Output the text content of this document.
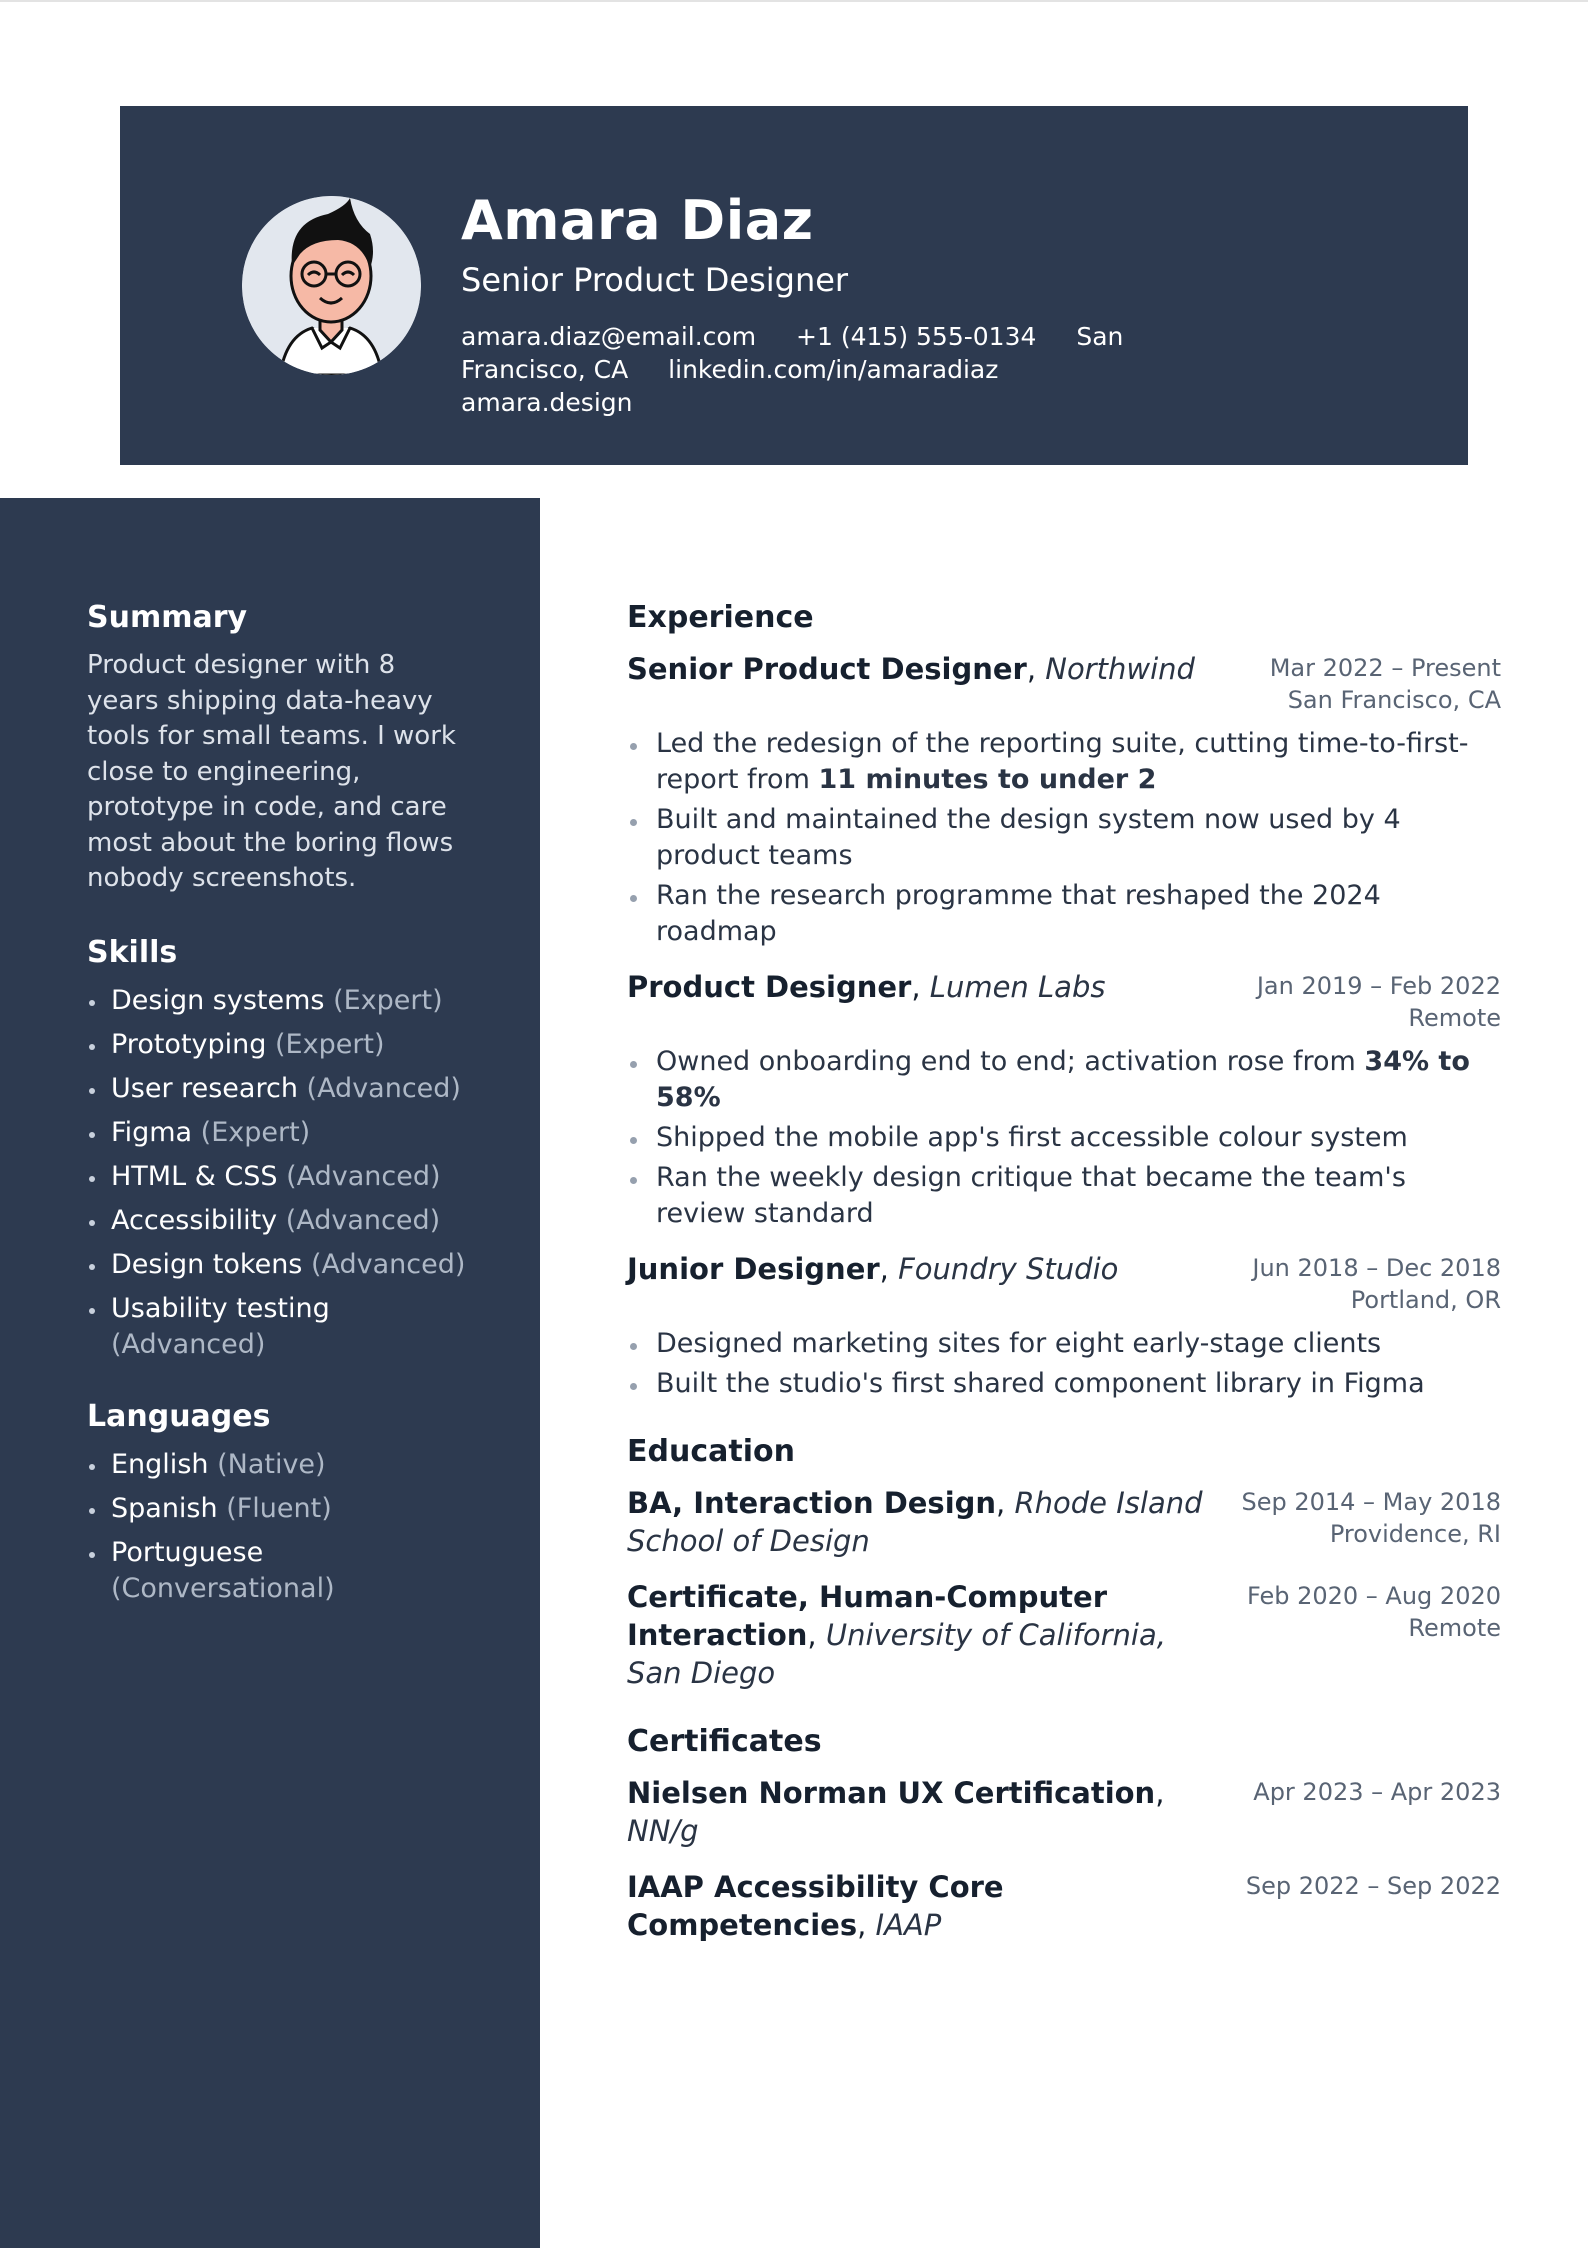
Amara Diaz
Senior Product Designer
amara.diaz@email.com +1 (415) 555-0134 San Francisco, CA linkedin.com/in/amaradiaz amara.design
Summary
Product designer with 8 years shipping data-heavy tools for small teams. I work close to engineering, prototype in code, and care most about the boring flows nobody screenshots.
Skills
Design systems (Expert)
Prototyping (Expert)
User research (Advanced)
Figma (Expert)
HTML & CSS (Advanced)
Accessibility (Advanced)
Design tokens (Advanced)
Usability testing (Advanced)
Languages
English (Native)
Spanish (Fluent)
Portuguese (Conversational)
Experience
Senior Product Designer, Northwind	Mar 2022 – Present
San Francisco, CA
Led the redesign of the reporting suite, cutting time-to-first-report from 11 minutes to under 2
Built and maintained the design system now used by 4 product teams
Ran the research programme that reshaped the 2024 roadmap
Product Designer, Lumen Labs	Jan 2019 – Feb 2022
Remote
Owned onboarding end to end; activation rose from 34% to 58%
Shipped the mobile app's first accessible colour system
Ran the weekly design critique that became the team's review standard
Junior Designer, Foundry Studio	Jun 2018 – Dec 2018
Portland, OR
Designed marketing sites for eight early-stage clients
Built the studio's first shared component library in Figma
Education
BA, Interaction Design, Rhode Island School of Design
Sep 2014 – May 2018
Providence, RI
Certificate, Human-Computer Interaction, University of California, San Diego
Feb 2020 – Aug 2020
Remote
Certificates
Nielsen Norman UX Certification, NN/g
Apr 2023 – Apr 2023
IAAP Accessibility Core Competencies, IAAP
Sep 2022 – Sep 2022
